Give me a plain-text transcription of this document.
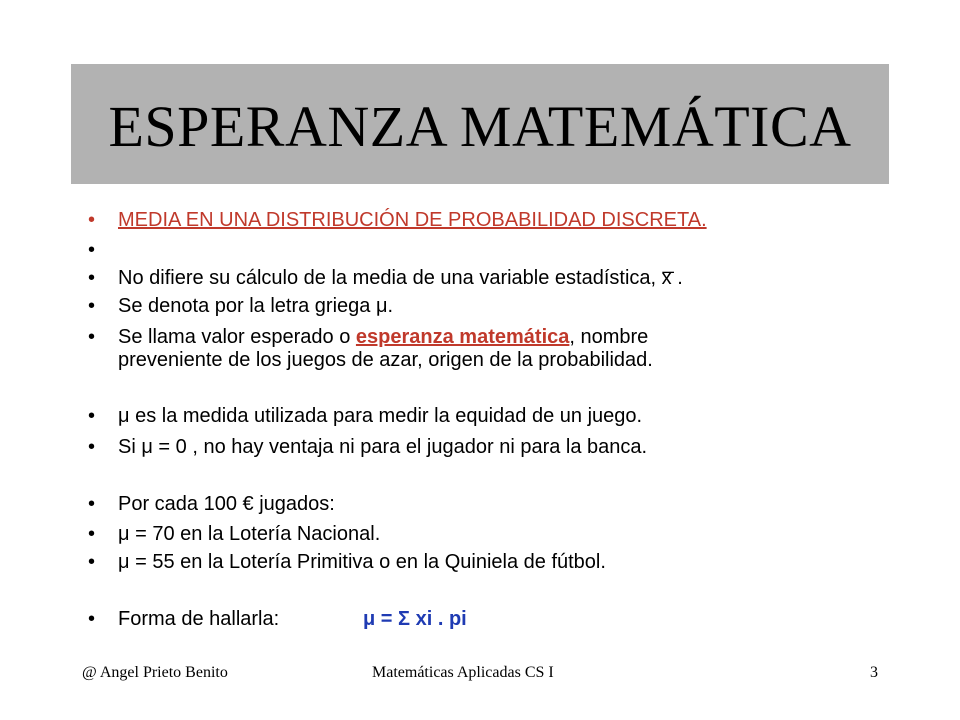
ESPERANZA MATEMÁTICA
•	MEDIA EN UNA DISTRIBUCIÓN DE PROBABILIDAD DISCRETA.
•
•	No difiere su cálculo de la media de una variable estadística,
_
x .
•	Se denota por la letra griega μ.
•	Se llama valor esperado o esperanza matemática, nombre
preveniente de los juegos de azar, origen de la probabilidad.
•	μ es la medida utilizada para medir la equidad de un juego.
•	Si μ = 0 , no hay ventaja ni para el jugador ni para la banca.
•	Por cada 100 € jugados:
•	μ = 70 en la Lotería Nacional.
•	μ = 55 en la Lotería Primitiva o en la Quiniela de fútbol.
•	Forma de hallarla:	μ = Σ xi . pi
@ Angel Prieto Benito	Matemáticas Aplicadas CS I	3
